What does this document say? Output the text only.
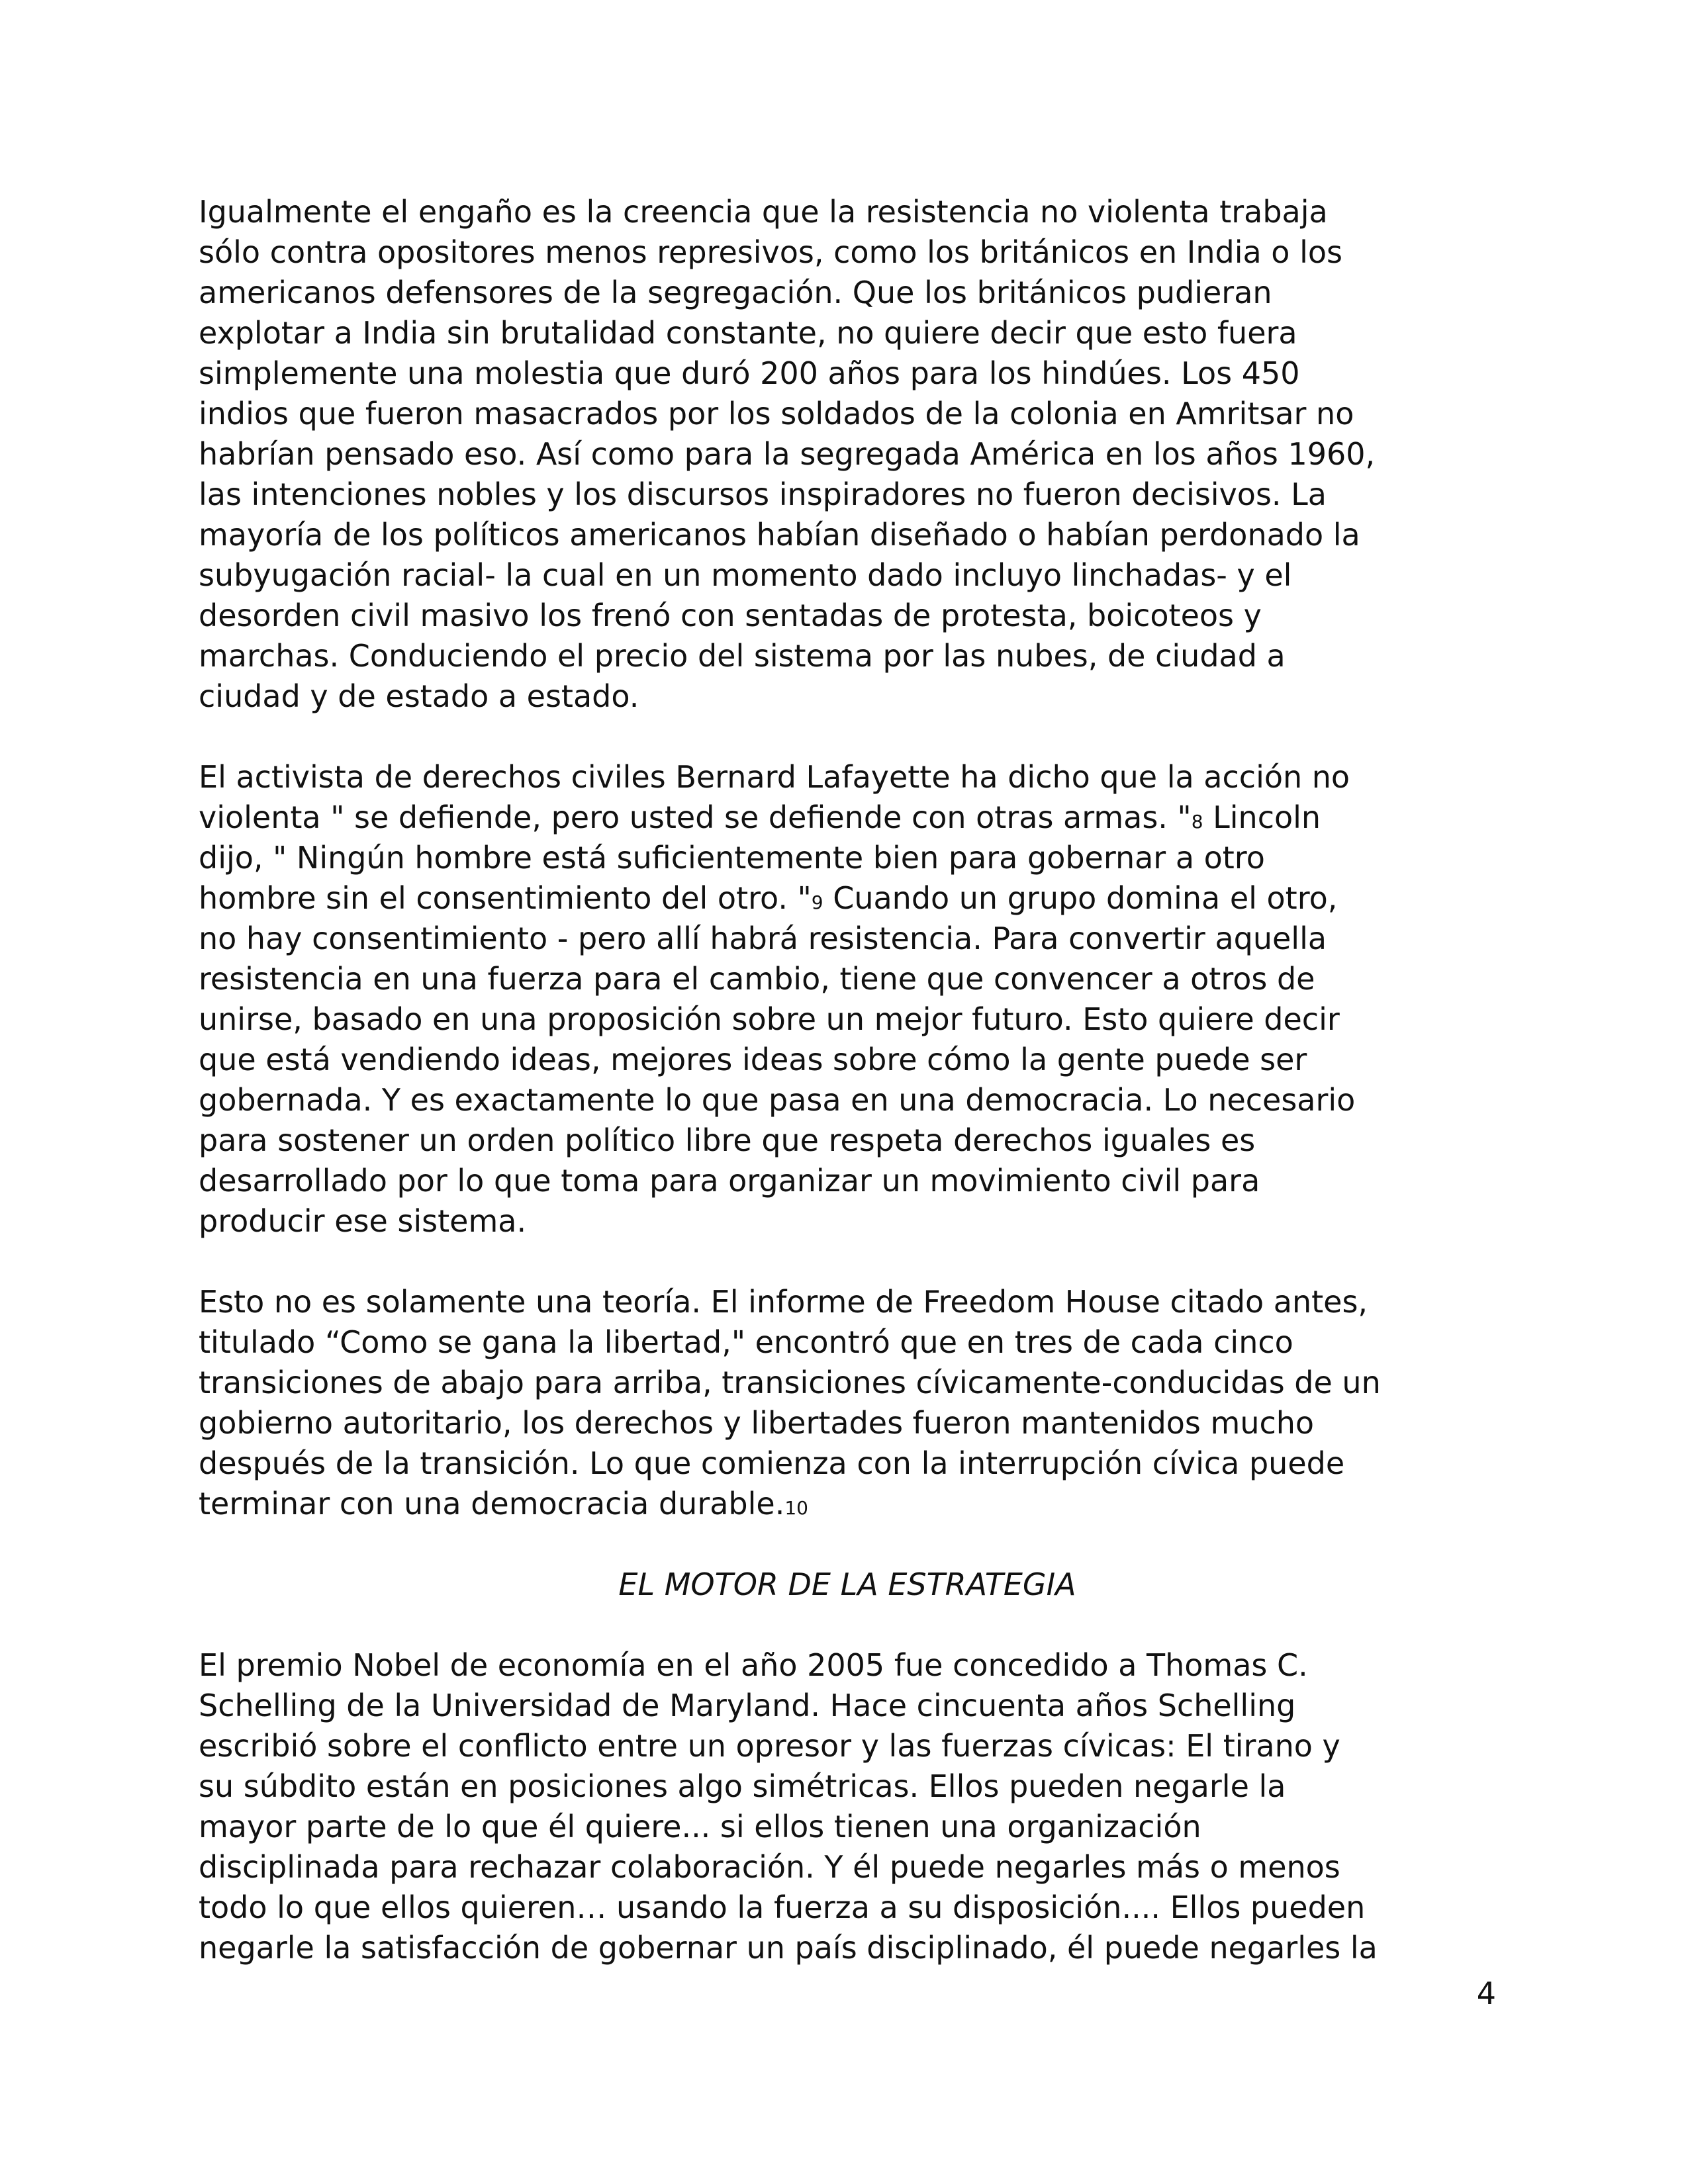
Igualmente el engaño es la creencia que la resistencia no violenta trabaja
sólo contra opositores menos represivos, como los británicos en India o los
americanos defensores de la segregación. Que los británicos pudieran
explotar a India sin brutalidad constante, no quiere decir que esto fuera
simplemente una molestia que duró 200 años para los hindúes. Los 450
indios que fueron masacrados por los soldados de la colonia en Amritsar no
habrían pensado eso. Así como para la segregada América en los años 1960,
las intenciones nobles y los discursos inspiradores no fueron decisivos. La
mayoría de los políticos americanos habían diseñado o habían perdonado la
subyugación racial- la cual en un momento dado incluyo linchadas- y el
desorden civil masivo los frenó con sentadas de protesta, boicoteos y
marchas. Conduciendo el precio del sistema por las nubes, de ciudad a
ciudad y de estado a estado.
El activista de derechos civiles Bernard Lafayette ha dicho que la acción no
violenta " se defiende, pero usted se defiende con otras armas. "8 Lincoln
dijo, " Ningún hombre está suficientemente bien para gobernar a otro
hombre sin el consentimiento del otro. "9 Cuando un grupo domina el otro,
no hay consentimiento - pero allí habrá resistencia. Para convertir aquella
resistencia en una fuerza para el cambio, tiene que convencer a otros de
unirse, basado en una proposición sobre un mejor futuro. Esto quiere decir
que está vendiendo ideas, mejores ideas sobre cómo la gente puede ser
gobernada. Y es exactamente lo que pasa en una democracia. Lo necesario
para sostener un orden político libre que respeta derechos iguales es
desarrollado por lo que toma para organizar un movimiento civil para
producir ese sistema.
Esto no es solamente una teoría. El informe de Freedom House citado antes,
titulado “Como se gana la libertad," encontró que en tres de cada cinco
transiciones de abajo para arriba, transiciones cívicamente-conducidas de un
gobierno autoritario, los derechos y libertades fueron mantenidos mucho
después de la transición. Lo que comienza con la interrupción cívica puede
terminar con una democracia durable.10
EL MOTOR DE LA ESTRATEGIA
El premio Nobel de economía en el año 2005 fue concedido a Thomas C.
Schelling de la Universidad de Maryland. Hace cincuenta años Schelling
escribió sobre el conflicto entre un opresor y las fuerzas cívicas: El tirano y
su súbdito están en posiciones algo simétricas. Ellos pueden negarle la
mayor parte de lo que él quiere... si ellos tienen una organización
disciplinada para rechazar colaboración. Y él puede negarles más o menos
todo lo que ellos quieren… usando la fuerza a su disposición.... Ellos pueden
negarle la satisfacción de gobernar un país disciplinado, él puede negarles la
4
